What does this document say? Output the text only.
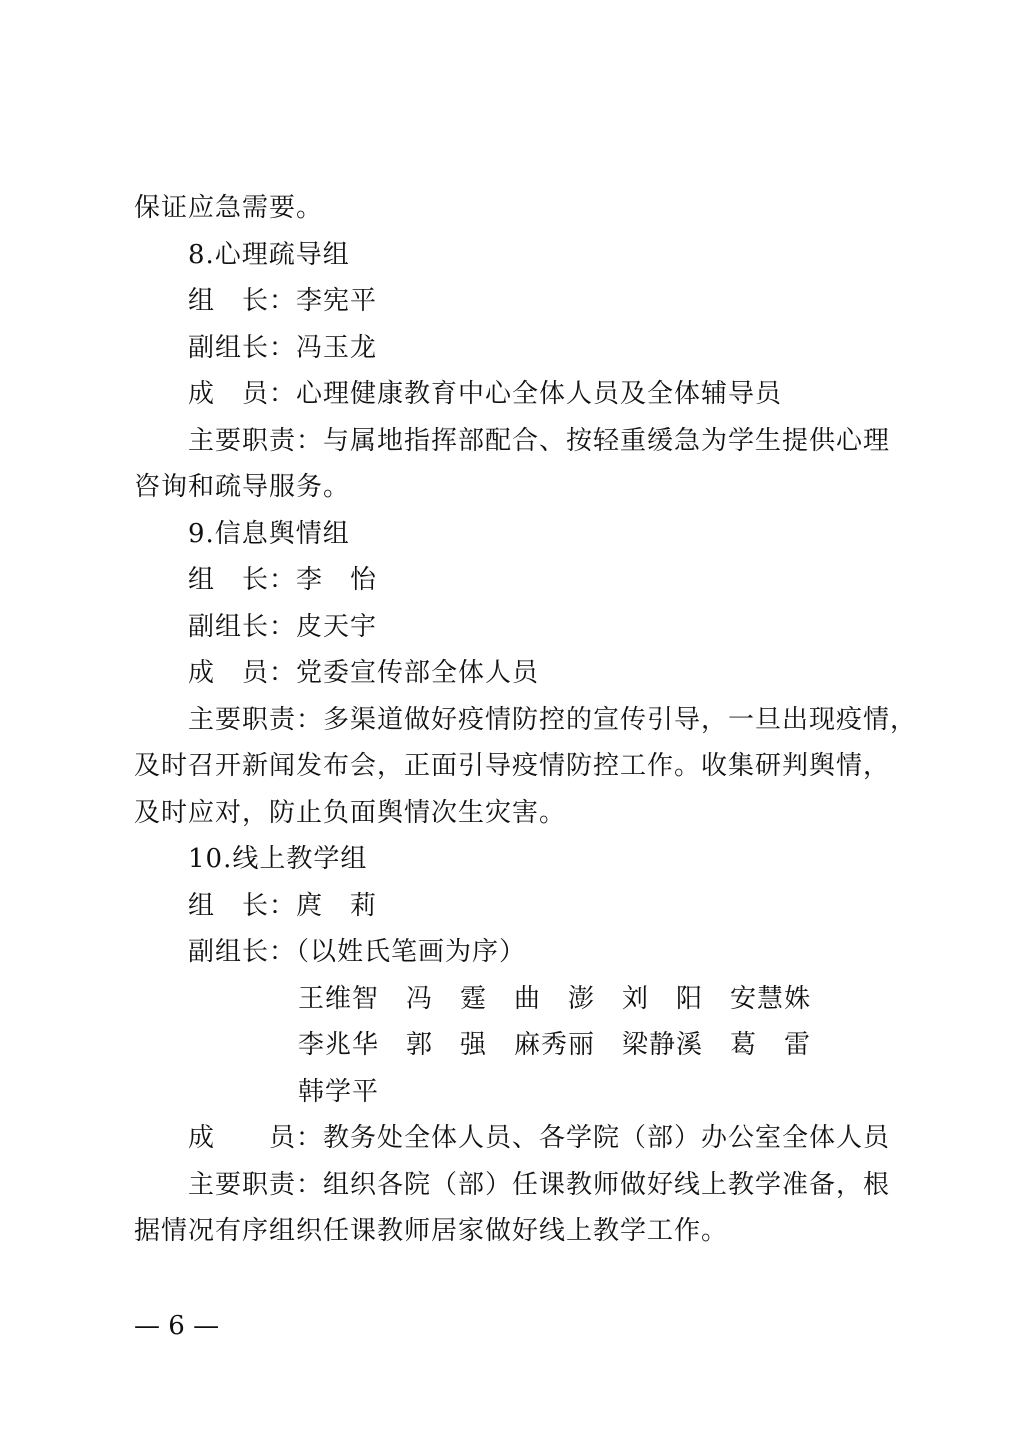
保证应急需要。
8.心理疏导组
组　长：李宪平
副组长：冯玉龙
成　员：心理健康教育中心全体人员及全体辅导员
主要职责：与属地指挥部配合、按轻重缓急为学生提供心理
咨询和疏导服务。
9.信息舆情组
组　长：李　怡
副组长：皮天宇
成　员：党委宣传部全体人员
主要职责：多渠道做好疫情防控的宣传引导，一旦出现疫情，
及时召开新闻发布会，正面引导疫情防控工作。收集研判舆情，
及时应对，防止负面舆情次生灾害。
10.线上教学组
组　长：庹　莉
副组长：（以姓氏笔画为序）
王维智　冯　霆　曲　澎　刘　阳　安慧姝
李兆华　郭　强　麻秀丽　梁静溪　葛　雷
韩学平
成　　员：教务处全体人员、各学院（部）办公室全体人员
主要职责：组织各院（部）任课教师做好线上教学准备，根
据情况有序组织任课教师居家做好线上教学工作。
— 6 —
